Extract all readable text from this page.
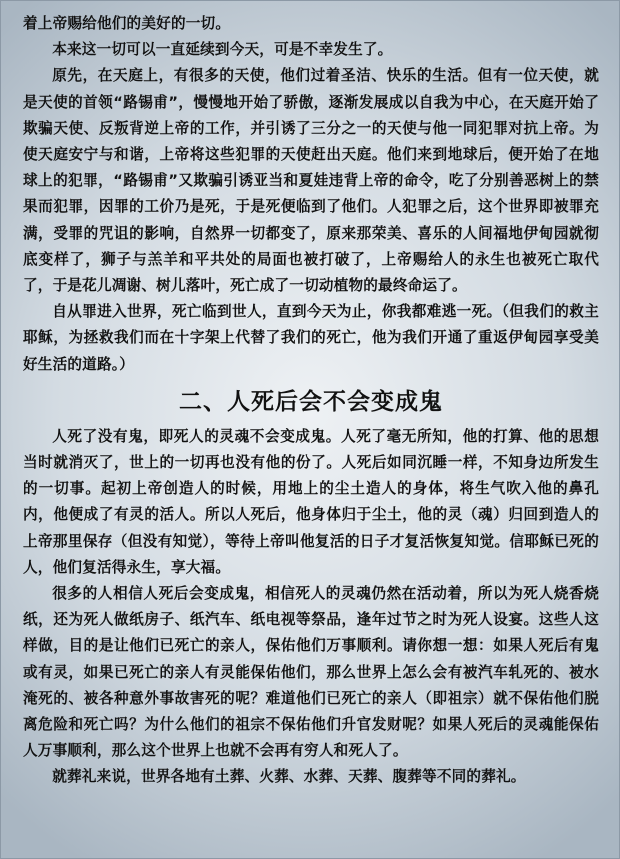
着上帝赐给他们的美好的一切。

本来这一切可以一直延续到今天，可是不幸发生了。

原先，在天庭上，有很多的天使，他们过着圣洁、快乐的生活。但有一位天使，就是天使的首领“路锡甫”，慢慢地开始了骄傲，逐渐发展成以自我为中心，在天庭开始了欺骗天使、反叛背逆上帝的工作，并引诱了三分之一的天使与他一同犯罪对抗上帝。为使天庭安宁与和谐，上帝将这些犯罪的天使赶出天庭。他们来到地球后，便开始了在地球上的犯罪，“路锡甫”又欺骗引诱亚当和夏娃违背上帝的命令，吃了分别善恶树上的禁果而犯罪，因罪的工价乃是死，于是死便临到了他们。人犯罪之后，这个世界即被罪充满，受罪的咒诅的影响，自然界一切都变了，原来那荣美、喜乐的人间福地伊甸园就彻底变样了，狮子与羔羊和平共处的局面也被打破了，上帝赐给人的永生也被死亡取代了，于是花儿凋谢、树儿落叶，死亡成了一切动植物的最终命运了。

自从罪进入世界，死亡临到世人，直到今天为止，你我都难逃一死。（但我们的救主耶稣，为拯救我们而在十字架上代替了我们的死亡，他为我们开通了重返伊甸园享受美好生活的道路。）

二、人死后会不会变成鬼

人死了没有鬼，即死人的灵魂不会变成鬼。人死了毫无所知，他的打算、他的思想当时就消灭了，世上的一切再也没有他的份了。人死后如同沉睡一样，不知身边所发生的一切事。起初上帝创造人的时候，用地上的尘土造人的身体，将生气吹入他的鼻孔内，他便成了有灵的活人。所以人死后，他身体归于尘土，他的灵（魂）归回到造人的上帝那里保存（但没有知觉），等待上帝叫他复活的日子才复活恢复知觉。信耶稣已死的人，他们复活得永生，享大福。

很多的人相信人死后会变成鬼，相信死人的灵魂仍然在活动着，所以为死人烧香烧纸，还为死人做纸房子、纸汽车、纸电视等祭品，逢年过节之时为死人设宴。这些人这样做，目的是让他们已死亡的亲人，保佑他们万事顺利。请你想一想：如果人死后有鬼或有灵，如果已死亡的亲人有灵能保佑他们，那么世界上怎么会有被汽车轧死的、被水淹死的、被各种意外事故害死的呢？难道他们已死亡的亲人（即祖宗）就不保佑他们脱离危险和死亡吗？为什么他们的祖宗不保佑他们升官发财呢？如果人死后的灵魂能保佑人万事顺利，那么这个世界上也就不会再有穷人和死人了。

就葬礼来说，世界各地有土葬、火葬、水葬、天葬、腹葬等不同的葬礼。
